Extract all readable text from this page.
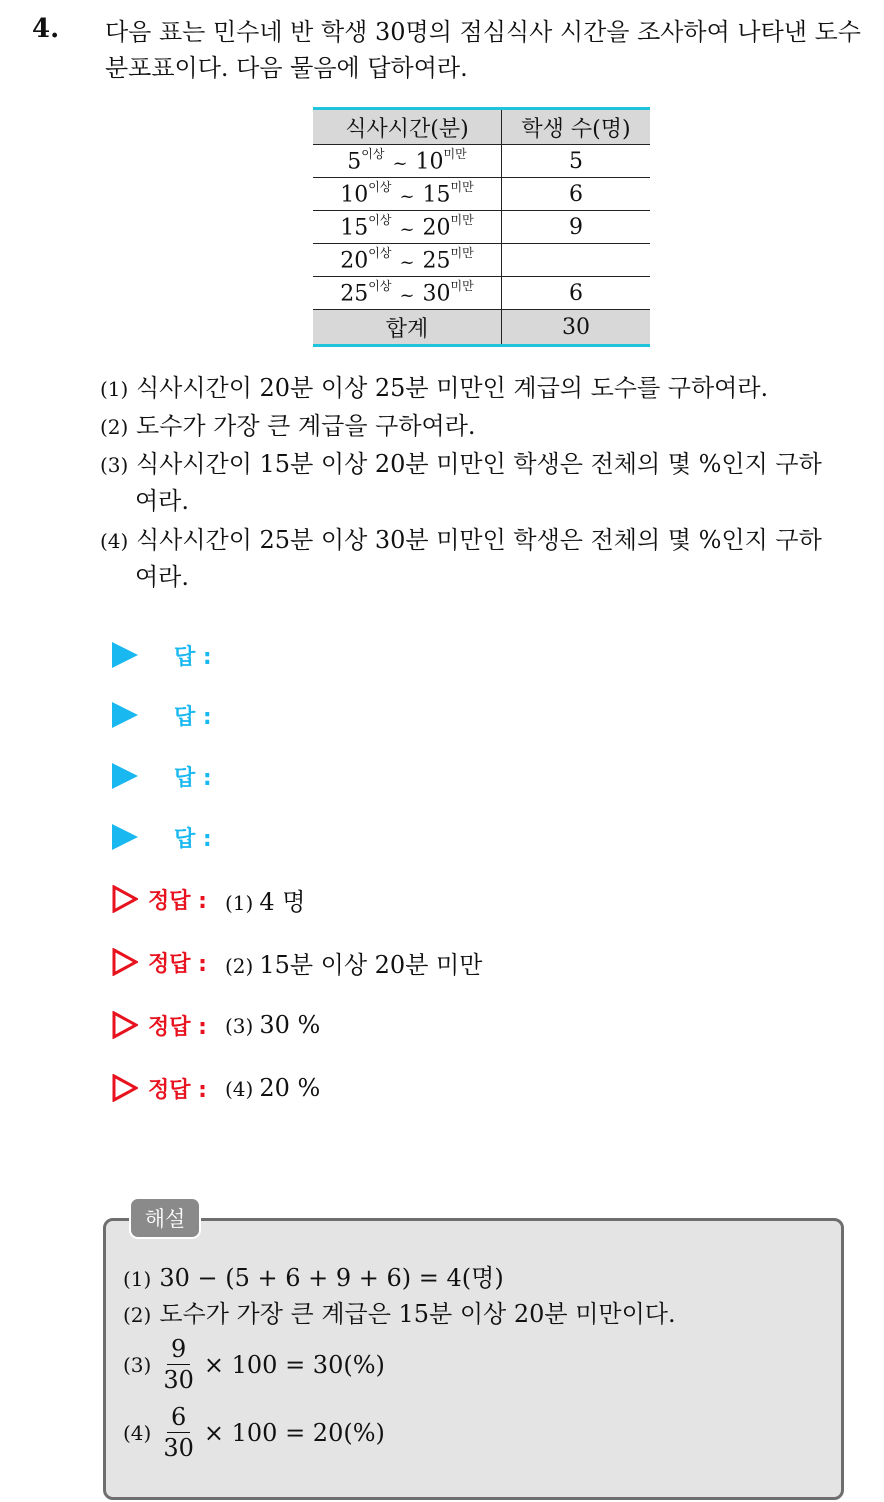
4. 다음 표는 민수네 반 학생 30명의 점심식사 시간을 조사하여 나타낸 도수분포표이다. 다음 물음에 답하여라.
식사시간(분)	학생 수(명)
$5^{이상}$ ~ $10^{미만}$	5
$10^{이상}$ ~ $15^{미만}$	6
$15^{이상}$ ~ $20^{미만}$	9
$20^{이상}$ ~ $25^{미만}$	
$25^{이상}$ ~ $30^{미만}$	6
합계	30
(1) 식사시간이 20분 이상 25분 미만인 계급의 도수를 구하여라.
(2) 도수가 가장 큰 계급을 구하여라.
(3) 식사시간이 15분 이상 20분 미만인 학생은 전체의 몇 %인지 구하
여라.
(4) 식사시간이 25분 이상 30분 미만인 학생은 전체의 몇 %인지 구하
여라.
답 :
답 :
답 :
답 :
정답 : (1) 4 명
정답 : (2) 15분 이상 20분 미만
정답 : (3) 30 %
정답 : (4) 20 %
해설
(1) 30 − (5 + 6 + 9 + 6) = 4(명)
(2) 도수가 가장 큰 계급은 15분 이상 20분 미만이다.
$(3) \frac{9}{30} \times 100 = 30(\%)$
$(4) \frac{6}{30} \times 100 = 20(\%)$
